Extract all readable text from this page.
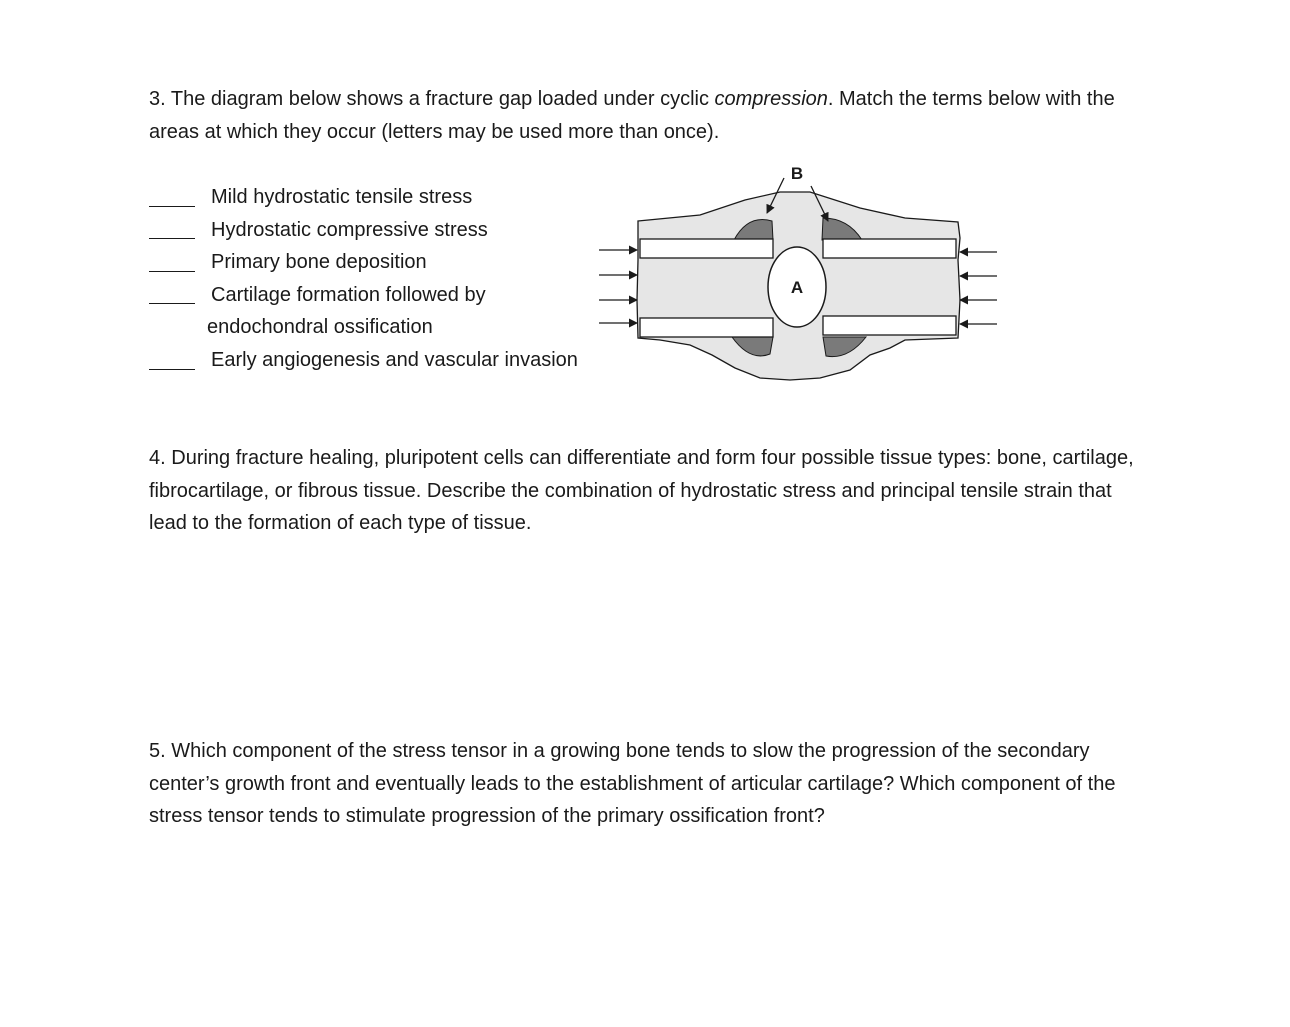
3. The diagram below shows a fracture gap loaded under cyclic compression. Match the terms below with the areas at which they occur (letters may be used more than once).

Mild hydrostatic tensile stress
Hydrostatic compressive stress
Primary bone deposition
Cartilage formation followed by
endochondral ossification
Early angiogenesis and vascular invasion
A
B

4. During fracture healing, pluripotent cells can differentiate and form four possible tissue types: bone, cartilage, fibrocartilage, or fibrous tissue. Describe the combination of hydrostatic stress and principal tensile strain that lead to the formation of each type of tissue.

5. Which component of the stress tensor in a growing bone tends to slow the progression of the secondary center’s growth front and eventually leads to the establishment of articular cartilage? Which component of the stress tensor tends to stimulate progression of the primary ossification front?
